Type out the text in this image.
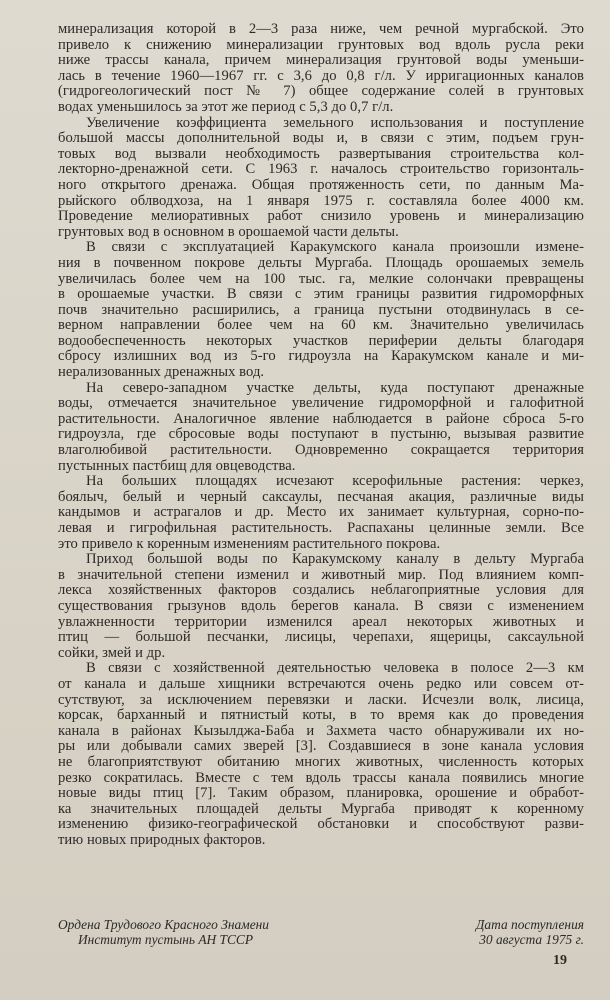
минерализация которой в 2—3 раза ниже, чем речной мургабской. Это
привело к снижению минерализации грунтовых вод вдоль русла реки
ниже трассы канала, причем минерализация грунтовой воды уменьши-
лась в течение 1960—1967 гг. с 3,6 до 0,8 г/л. У ирригационных каналов
(гидрогеологический пост № 7) общее содержание солей в грунтовых
водах уменьшилось за этот же период с 5,3 до 0,7 г/л.
Увеличение коэффициента земельного использования и поступление
большой массы дополнительной воды и, в связи с этим, подъем грун-
товых вод вызвали необходимость развертывания строительства кол-
лекторно-дренажной сети. С 1963 г. началось строительство горизонталь-
ного открытого дренажа. Общая протяженность сети, по данным Ма-
рыйского облводхоза, на 1 января 1975 г. составляла более 4000 км.
Проведение мелиоративных работ снизило уровень и минерализацию
грунтовых вод в основном в орошаемой части дельты.
В связи с эксплуатацией Каракумского канала произошли измене-
ния в почвенном покрове дельты Мургаба. Площадь орошаемых земель
увеличилась более чем на 100 тыс. га, мелкие солончаки превращены
в орошаемые участки. В связи с этим границы развития гидроморфных
почв значительно расширились, а граница пустыни отодвинулась в се-
верном направлении более чем на 60 км. Значительно увеличилась
водообеспеченность некоторых участков периферии дельты благодаря
сбросу излишних вод из 5-го гидроузла на Каракумском канале и ми-
нерализованных дренажных вод.
На северо-западном участке дельты, куда поступают дренажные
воды, отмечается значительное увеличение гидроморфной и галофитной
растительности. Аналогичное явление наблюдается в районе сброса 5-го
гидроузла, где сбросовые воды поступают в пустыню, вызывая развитие
влаголюбивой растительности. Одновременно сокращается территория
пустынных пастбищ для овцеводства.
На больших площадях исчезают ксерофильные растения: черкез,
боялыч, белый и черный саксаулы, песчаная акация, различные виды
кандымов и астрагалов и др. Место их занимает культурная, сорно-по-
левая и гигрофильная растительность. Распаханы целинные земли. Все
это привело к коренным изменениям растительного покрова.
Приход большой воды по Каракумскому каналу в дельту Мургаба
в значительной степени изменил и животный мир. Под влиянием комп-
лекса хозяйственных факторов создались неблагоприятные условия для
существования грызунов вдоль берегов канала. В связи с изменением
увлажненности территории изменился ареал некоторых животных и
птиц — большой песчанки, лисицы, черепахи, ящерицы, саксаульной
сойки, змей и др.
В связи с хозяйственной деятельностью человека в полосе 2—3 км
от канала и дальше хищники встречаются очень редко или совсем от-
сутствуют, за исключением перевязки и ласки. Исчезли волк, лисица,
корсак, барханный и пятнистый коты, в то время как до проведения
канала в районах Кызылджа-Баба и Захмета часто обнаруживали их но-
ры или добывали самих зверей [3]. Создавшиеся в зоне канала условия
не благоприятствуют обитанию многих животных, численность которых
резко сократилась. Вместе с тем вдоль трассы канала появились многие
новые виды птиц [7]. Таким образом, планировка, орошение и обработ-
ка значительных площадей дельты Мургаба приводят к коренному
изменению физико-географической обстановки и способствуют разви-
тию новых природных факторов.
Ордена Трудового Красного Знамени
Институт пустынь АН ТССР
Дата поступления
30 августа 1975 г.
19
